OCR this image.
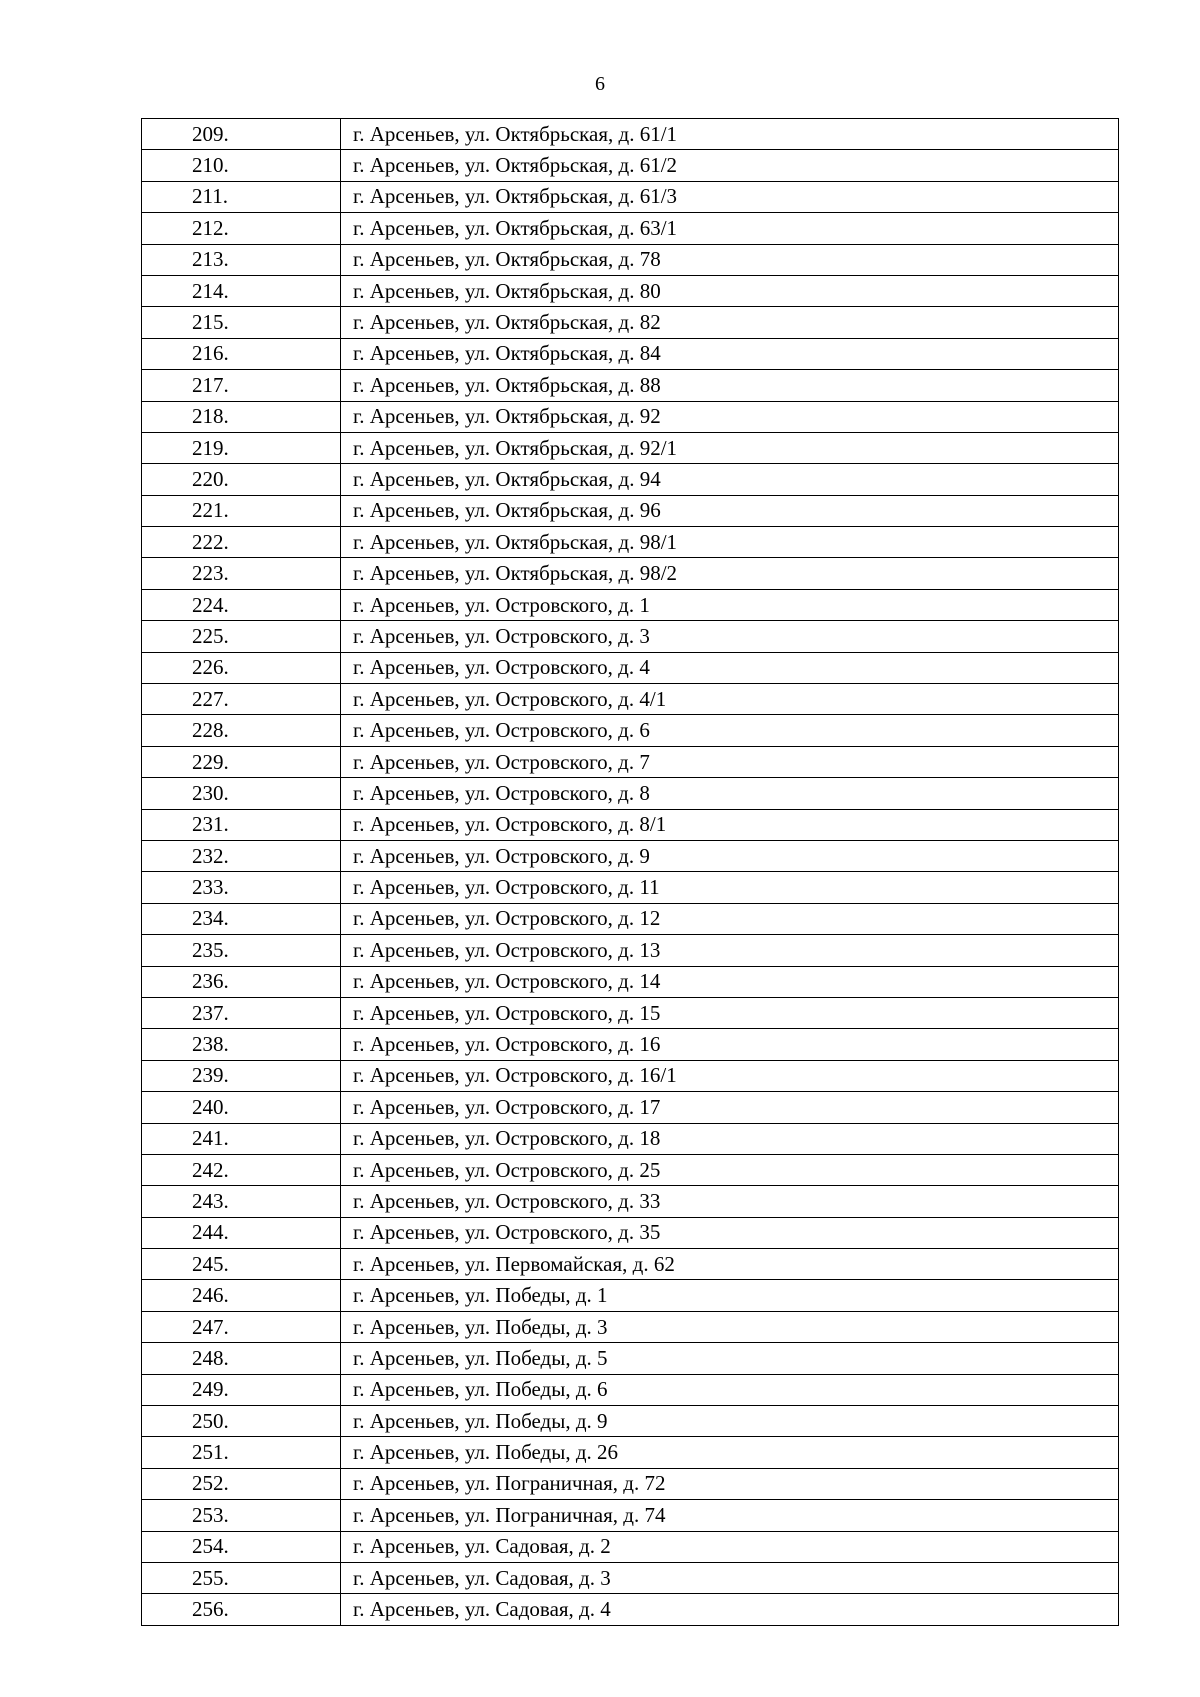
6
209.	г. Арсеньев, ул. Октябрьская, д. 61/1
210.	г. Арсеньев, ул. Октябрьская, д. 61/2
211.	г. Арсеньев, ул. Октябрьская, д. 61/3
212.	г. Арсеньев, ул. Октябрьская, д. 63/1
213.	г. Арсеньев, ул. Октябрьская, д. 78
214.	г. Арсеньев, ул. Октябрьская, д. 80
215.	г. Арсеньев, ул. Октябрьская, д. 82
216.	г. Арсеньев, ул. Октябрьская, д. 84
217.	г. Арсеньев, ул. Октябрьская, д. 88
218.	г. Арсеньев, ул. Октябрьская, д. 92
219.	г. Арсеньев, ул. Октябрьская, д. 92/1
220.	г. Арсеньев, ул. Октябрьская, д. 94
221.	г. Арсеньев, ул. Октябрьская, д. 96
222.	г. Арсеньев, ул. Октябрьская, д. 98/1
223.	г. Арсеньев, ул. Октябрьская, д. 98/2
224.	г. Арсеньев, ул. Островского, д. 1
225.	г. Арсеньев, ул. Островского, д. 3
226.	г. Арсеньев, ул. Островского, д. 4
227.	г. Арсеньев, ул. Островского, д. 4/1
228.	г. Арсеньев, ул. Островского, д. 6
229.	г. Арсеньев, ул. Островского, д. 7
230.	г. Арсеньев, ул. Островского, д. 8
231.	г. Арсеньев, ул. Островского, д. 8/1
232.	г. Арсеньев, ул. Островского, д. 9
233.	г. Арсеньев, ул. Островского, д. 11
234.	г. Арсеньев, ул. Островского, д. 12
235.	г. Арсеньев, ул. Островского, д. 13
236.	г. Арсеньев, ул. Островского, д. 14
237.	г. Арсеньев, ул. Островского, д. 15
238.	г. Арсеньев, ул. Островского, д. 16
239.	г. Арсеньев, ул. Островского, д. 16/1
240.	г. Арсеньев, ул. Островского, д. 17
241.	г. Арсеньев, ул. Островского, д. 18
242.	г. Арсеньев, ул. Островского, д. 25
243.	г. Арсеньев, ул. Островского, д. 33
244.	г. Арсеньев, ул. Островского, д. 35
245.	г. Арсеньев, ул. Первомайская, д. 62
246.	г. Арсеньев, ул. Победы, д. 1
247.	г. Арсеньев, ул. Победы, д. 3
248.	г. Арсеньев, ул. Победы, д. 5
249.	г. Арсеньев, ул. Победы, д. 6
250.	г. Арсеньев, ул. Победы, д. 9
251.	г. Арсеньев, ул. Победы, д. 26
252.	г. Арсеньев, ул. Пограничная, д. 72
253.	г. Арсеньев, ул. Пограничная, д. 74
254.	г. Арсеньев, ул. Садовая, д. 2
255.	г. Арсеньев, ул. Садовая, д. 3
256.	г. Арсеньев, ул. Садовая, д. 4
